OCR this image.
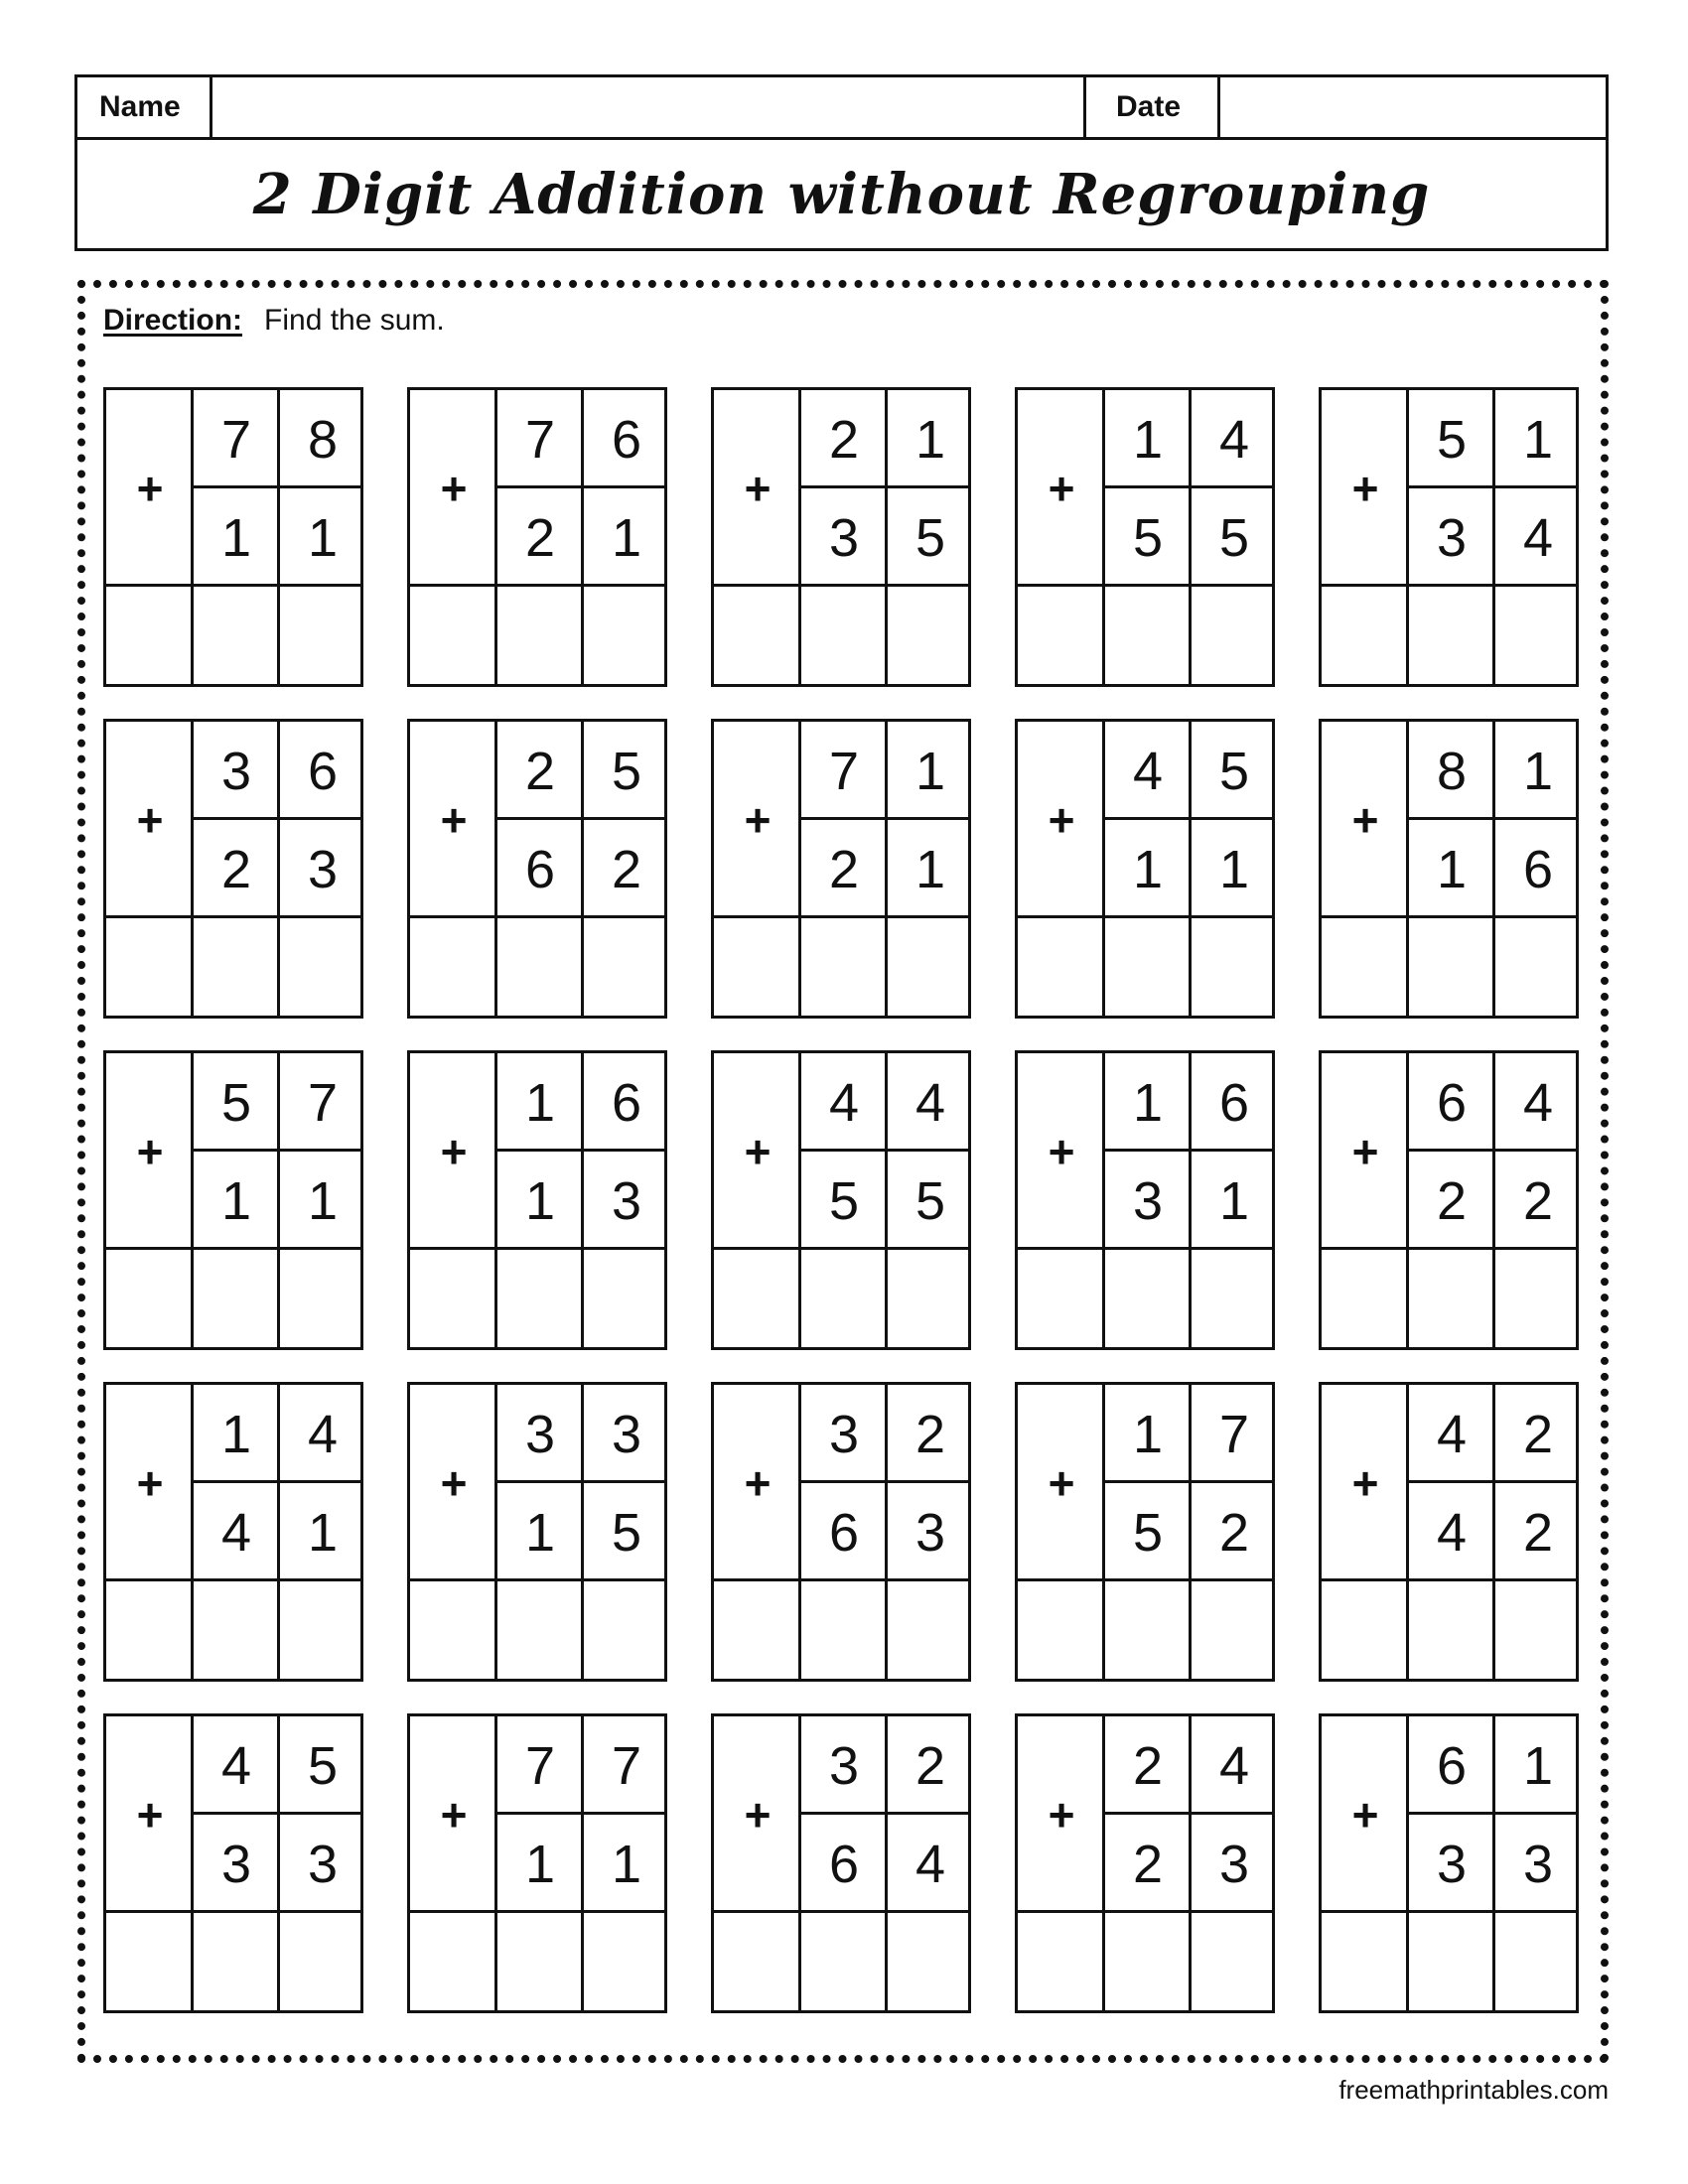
Name	Date
2 Digit Addition without Regrouping
Direction: Find the sum.
+
7	8
1	1
+
7	6
2	1
+
2	1
3	5
+
1	4
5	5
+
5	1
3	4
+
3	6
2	3
+
2	5
6	2
+
7	1
2	1
+
4	5
1	1
+
8	1
1	6
+
5	7
1	1
+
1	6
1	3
+
4	4
5	5
+
1	6
3	1
+
6	4
2	2
+
1	4
4	1
+
3	3
1	5
+
3	2
6	3
+
1	7
5	2
+
4	2
4	2
+
4	5
3	3
+
7	7
1	1
+
3	2
6	4
+
2	4
2	3
+
6	1
3	3
freemathprintables.com
